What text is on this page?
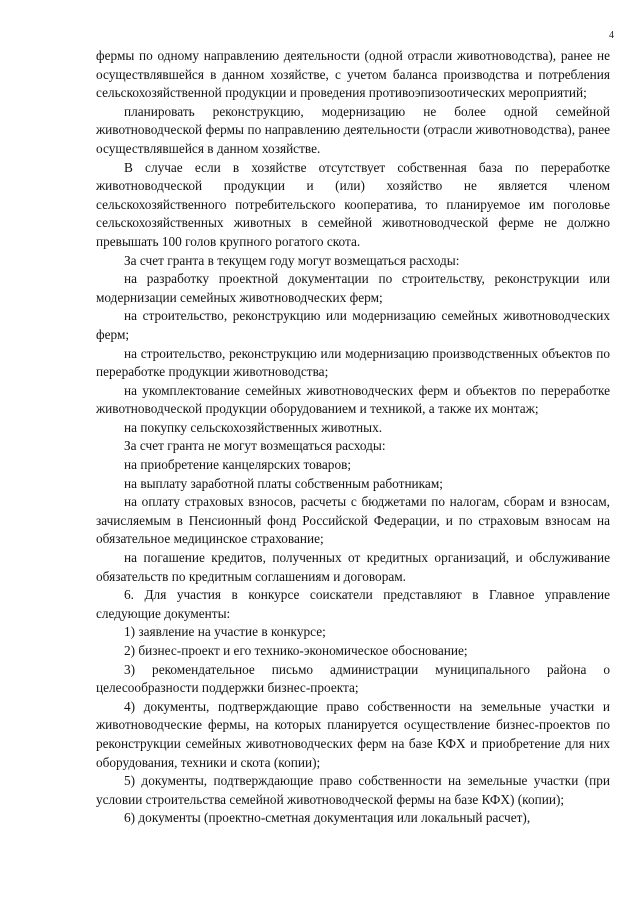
4

фермы по одному направлению деятельности (одной отрасли животноводства), ранее не осуществлявшейся в данном хозяйстве, с учетом баланса производства и потребления сельскохозяйственной продукции и проведения противоэпизоотических мероприятий;

планировать реконструкцию, модернизацию не более одной семейной животноводческой фермы по направлению деятельности (отрасли животноводства), ранее осуществлявшейся в данном хозяйстве.

В случае если в хозяйстве отсутствует собственная база по переработке животноводческой продукции и (или) хозяйство не является членом сельскохозяйственного потребительского кооператива, то планируемое им поголовье сельскохозяйственных животных в семейной животноводческой ферме не должно превышать 100 голов крупного рогатого скота.

За счет гранта в текущем году могут возмещаться расходы:

на разработку проектной документации по строительству, реконструкции или модернизации семейных животноводческих ферм;

на строительство, реконструкцию или модернизацию семейных животноводческих ферм;

на строительство, реконструкцию или модернизацию производственных объектов по переработке продукции животноводства;

на укомплектование семейных животноводческих ферм и объектов по переработке животноводческой продукции оборудованием и техникой, а также их монтаж;

на покупку сельскохозяйственных животных.

За счет гранта не могут возмещаться расходы:

на приобретение канцелярских товаров;

на выплату заработной платы собственным работникам;

на оплату страховых взносов, расчеты с бюджетами по налогам, сборам и взносам, зачисляемым в Пенсионный фонд Российской Федерации, и по страховым взносам на обязательное медицинское страхование;

на погашение кредитов, полученных от кредитных организаций, и обслуживание обязательств по кредитным соглашениям и договорам.

6. Для участия в конкурсе соискатели представляют в Главное управление следующие документы:

1) заявление на участие в конкурсе;

2) бизнес-проект и его технико-экономическое обоснование;

3) рекомендательное письмо администрации муниципального района о целесообразности поддержки бизнес-проекта;

4) документы, подтверждающие право собственности на земельные участки и животноводческие фермы, на которых планируется осуществление бизнес-проектов по реконструкции семейных животноводческих ферм на базе КФХ и приобретение для них оборудования, техники и скота (копии);

5) документы, подтверждающие право собственности на земельные участки (при условии строительства семейной животноводческой фермы на базе КФХ) (копии);

6) документы (проектно-сметная документация или локальный расчет),
